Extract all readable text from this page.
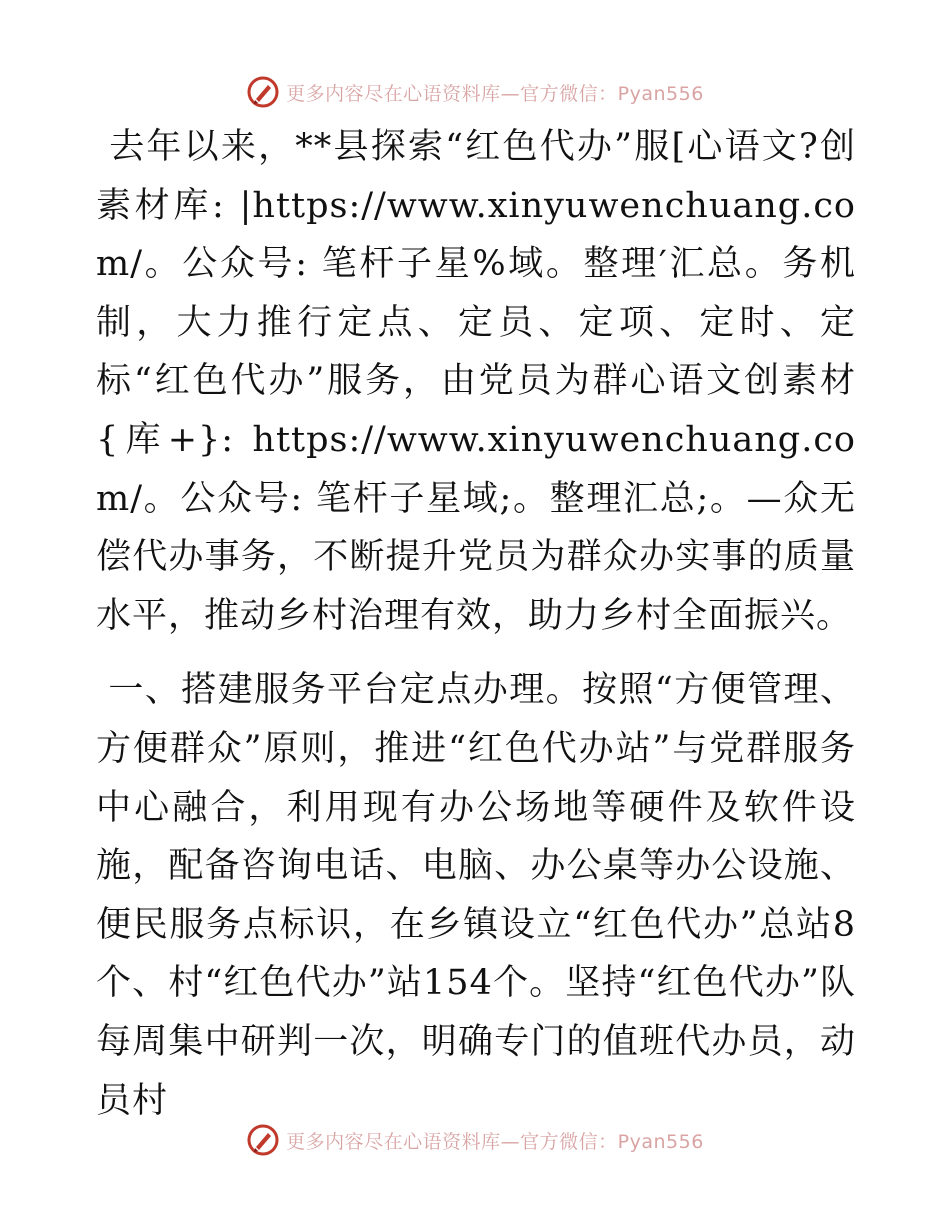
更多内容尽在心语资料库—官方微信：Pyan556

去年以来，**县探索“红色代办”服[心语文?创素材库: |https://www.xinyuwenchuang.com/。公众号: 笔杆子星%域。整理′汇总。务机制，大力推行定点、定员、定项、定时、定标“红色代办”服务，由党员为群心语文创素材{库+}: https://www.xinyuwenchuang.com/。公众号: 笔杆子星域;。整理汇总;。—众无偿代办事务，不断提升党员为群众办实事的质量水平，推动乡村治理有效，助力乡村全面振兴。

一、搭建服务平台定点办理。按照“方便管理、方便群众”原则，推进“红色代办站”与党群服务中心融合，利用现有办公场地等硬件及软件设施，配备咨询电话、电脑、办公桌等办公设施、便民服务点标识，在乡镇设立“红色代办”总站8个、村“红色代办”站154个。坚持“红色代办”队每周集中研判一次，明确专门的值班代办员，动员村

更多内容尽在心语资料库—官方微信：Pyan556
